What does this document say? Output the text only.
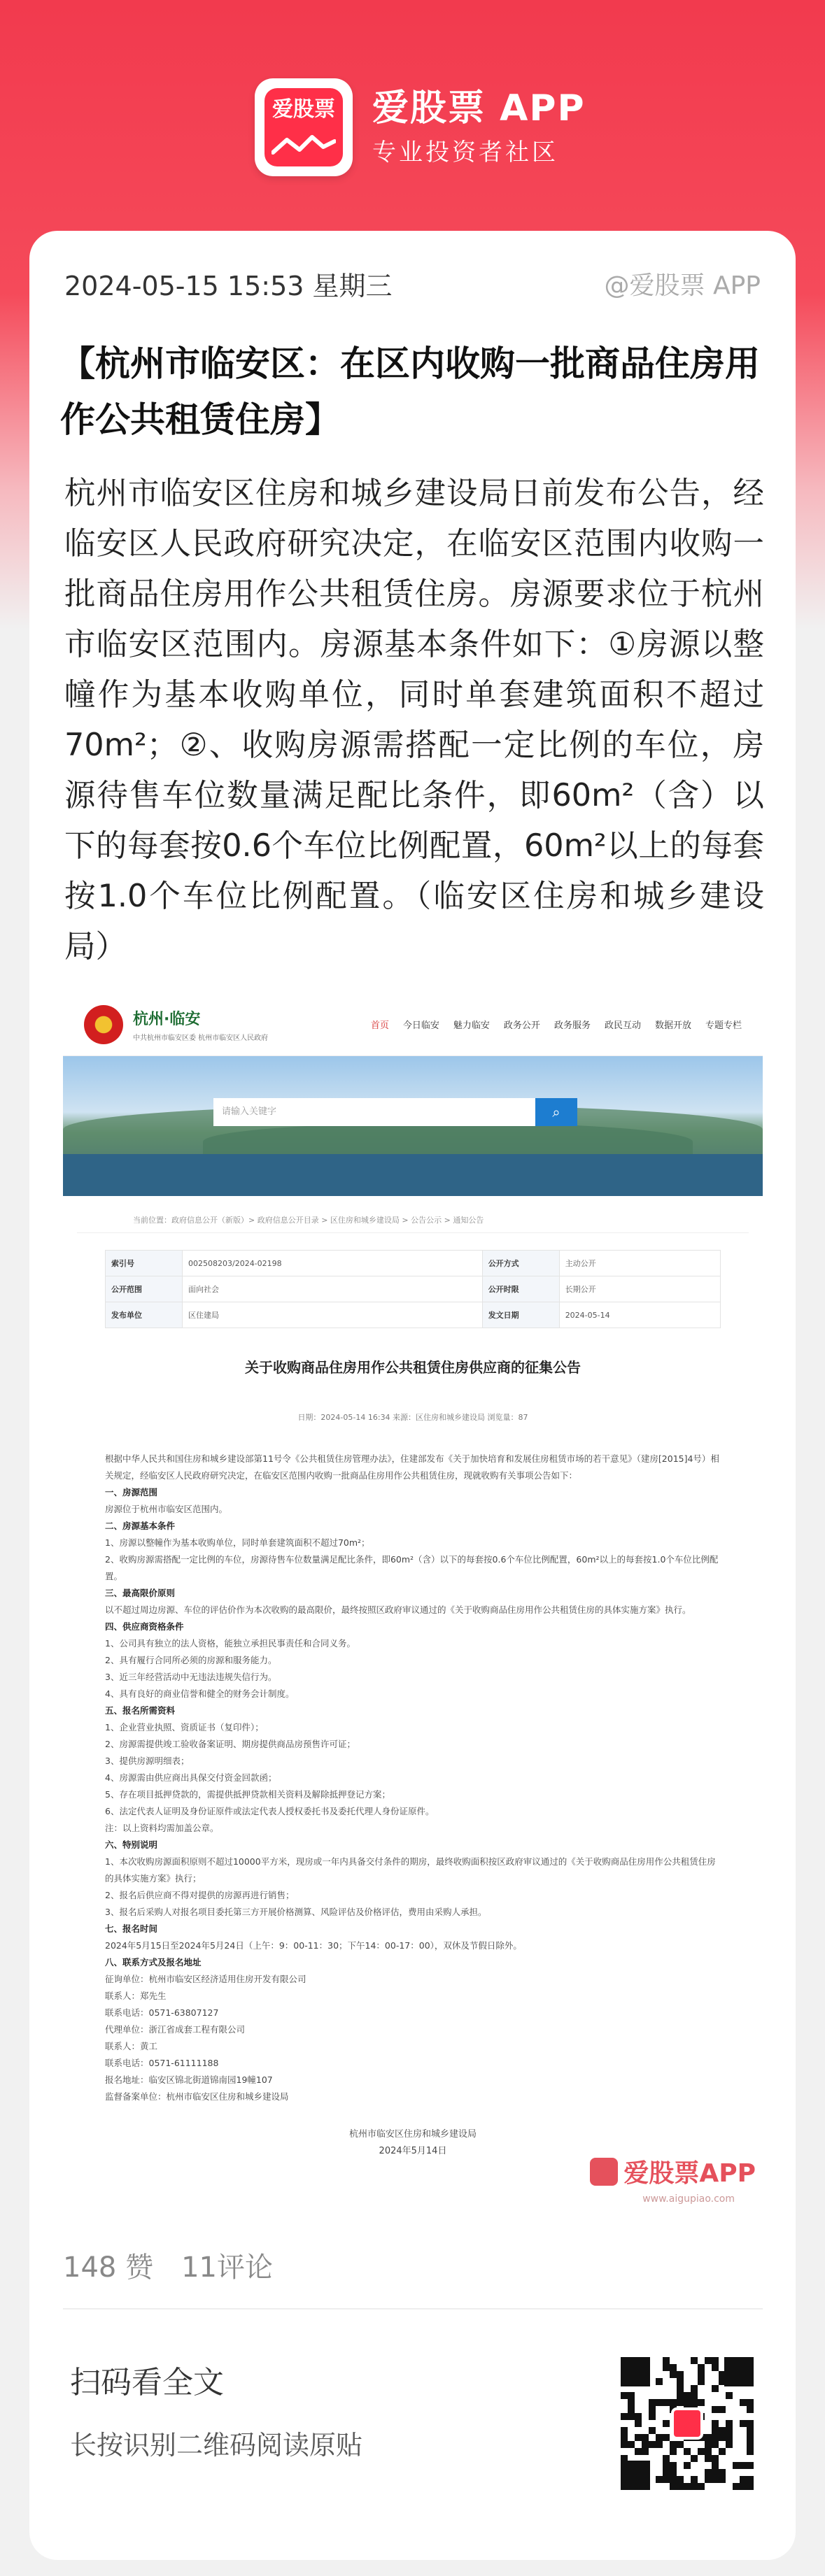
爱股票 爱股票 APP
专业投资者社区
2024-05-15 15:53 星期三	@爱股票 APP
【杭州市临安区：在区内收购一批商品住房用作公共租赁住房】
杭州市临安区住房和城乡建设局日前发布公告，经临安区人民政府研究决定，在临安区范围内收购一批商品住房用作公共租赁住房。房源要求位于杭州市临安区范围内。房源基本条件如下：①房源以整幢作为基本收购单位，同时单套建筑面积不超过70m²；②、收购房源需搭配一定比例的车位，房源待售车位数量满足配比条件，即60m²（含）以下的每套按0.6个车位比例配置，60m²以上的每套按1.0个车位比例配置。（临安区住房和城乡建设局）
杭州·临安
中共杭州市临安区委 杭州市临安区人民政府
首页 今日临安 魅力临安 政务公开 政务服务 政民互动 数据开放 专题专栏
请输入关键字	⌕
当前位置：政府信息公开（新版）> 政府信息公开目录 > 区住房和城乡建设局 > 公告公示 > 通知公告
索引号	002508203/2024-02198	公开方式	主动公开
公开范围	面向社会	公开时限	长期公开
发布单位	区住建局	发文日期	2024-05-14
关于收购商品住房用作公共租赁住房供应商的征集公告
日期：2024-05-14 16:34 来源：区住房和城乡建设局 浏览量：87

根据中华人民共和国住房和城乡建设部第11号令《公共租赁住房管理办法》，住建部发布《关于加快培育和发展住房租赁市场的若干意见》（建房[2015]4号）相关规定，经临安区人民政府研究决定，在临安区范围内收购一批商品住房用作公共租赁住房，现就收购有关事项公告如下：

一、房源范围

房源位于杭州市临安区范围内。

二、房源基本条件

1、房源以整幢作为基本收购单位，同时单套建筑面积不超过70m²；

2、收购房源需搭配一定比例的车位，房源待售车位数量满足配比条件，即60m²（含）以下的每套按0.6个车位比例配置，60m²以上的每套按1.0个车位比例配置。

三、最高限价原则

以不超过周边房源、车位的评估价作为本次收购的最高限价，最终按照区政府审议通过的《关于收购商品住房用作公共租赁住房的具体实施方案》执行。

四、供应商资格条件

1、公司具有独立的法人资格，能独立承担民事责任和合同义务。

2、具有履行合同所必须的房源和服务能力。

3、近三年经营活动中无违法违规失信行为。

4、具有良好的商业信誉和健全的财务会计制度。

五、报名所需资料

1、企业营业执照、资质证书（复印件）；

2、房源需提供竣工验收备案证明、期房提供商品房预售许可证；

3、提供房源明细表；

4、房源需由供应商出具保交付资金回款函；

5、存在项目抵押贷款的，需提供抵押贷款相关资料及解除抵押登记方案；

6、法定代表人证明及身份证原件或法定代表人授权委托书及委托代理人身份证原件。

注：以上资料均需加盖公章。

六、特别说明

1、本次收购房源面积原则不超过10000平方米，现房或一年内具备交付条件的期房，最终收购面积按区政府审议通过的《关于收购商品住房用作公共租赁住房的具体实施方案》执行；

2、报名后供应商不得对提供的房源再进行销售；

3、报名后采购人对报名项目委托第三方开展价格测算、风险评估及价格评估，费用由采购人承担。

七、报名时间

2024年5月15日至2024年5月24日（上午：9：00-11：30；下午14：00-17：00），双休及节假日除外。

八、联系方式及报名地址

征询单位：杭州市临安区经济适用住房开发有限公司

联系人：郑先生

联系电话：0571-63807127

代理单位：浙江省成套工程有限公司

联系人：黄工

联系电话：0571-61111188

报名地址：临安区锦北街道锦南园19幢107

监督备案单位：杭州市临安区住房和城乡建设局

杭州市临安区住房和城乡建设局
2024年5月14日
爱股票APP
www.aigupiao.com
148 赞 11评论
扫码看全文
长按识别二维码阅读原贴
